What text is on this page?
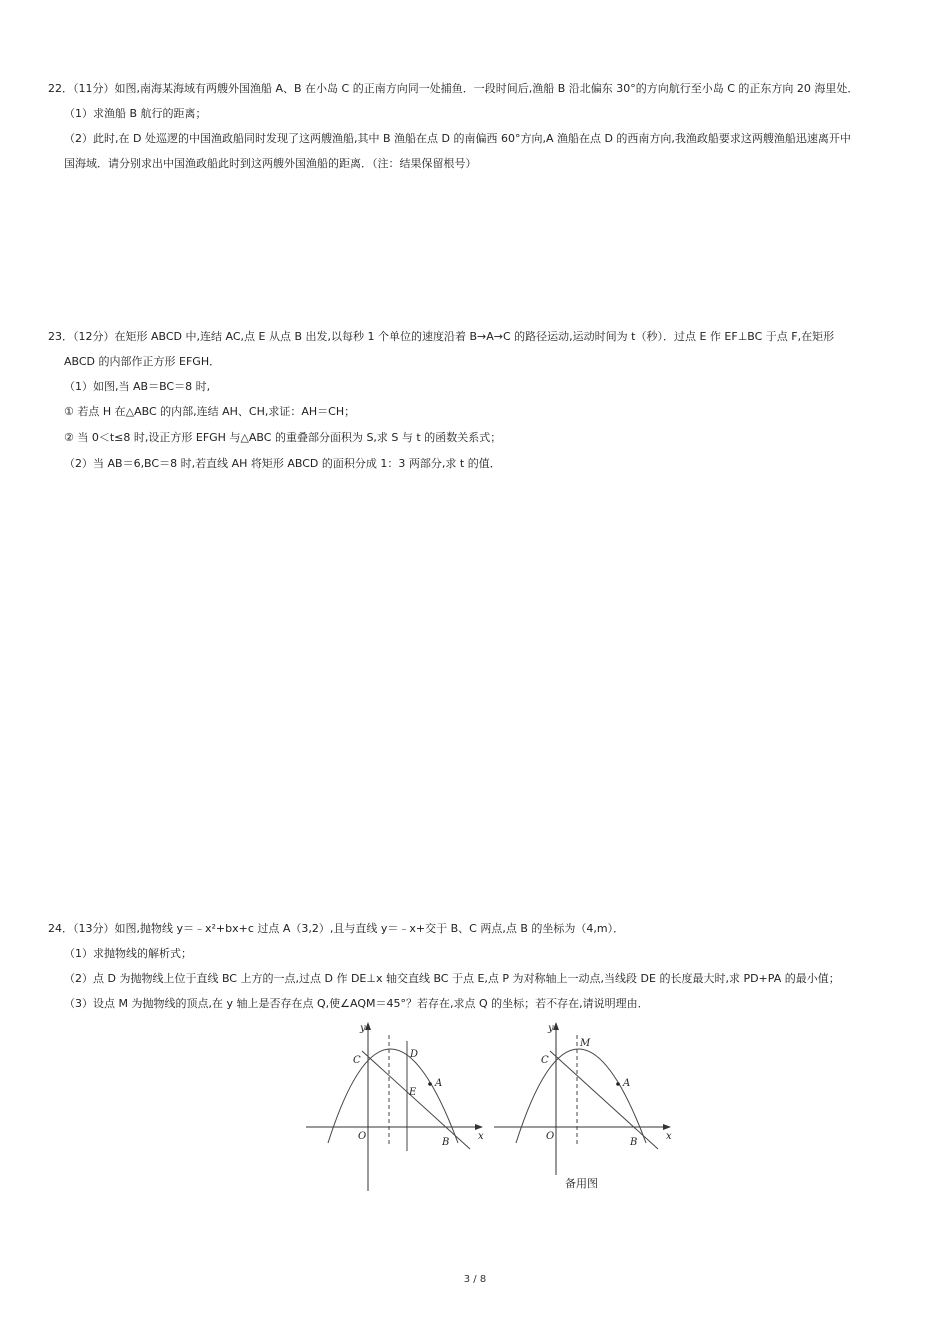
22．（11分）如图,南海某海域有两艘外国渔船 A、B 在小岛 C 的正南方向同一处捕鱼．一段时间后,渔船 B 沿北偏东 30°的方向航行至小岛 C 的正东方向 20 海里处．
（1）求渔船 B 航行的距离；
（2）此时,在 D 处巡逻的中国渔政船同时发现了这两艘渔船,其中 B 渔船在点 D 的南偏西 60°方向,A 渔船在点 D 的西南方向,我渔政船要求这两艘渔船迅速离开中
国海域．请分别求出中国渔政船此时到这两艘外国渔船的距离．（注：结果保留根号）
23．（12分）在矩形 ABCD 中,连结 AC,点 E 从点 B 出发,以每秒 1 个单位的速度沿着 B→A→C 的路径运动,运动时间为 t（秒）．过点 E 作 EF⊥BC 于点 F,在矩形
ABCD 的内部作正方形 EFGH．
（1）如图,当 AB＝BC＝8 时,
① 若点 H 在△ABC 的内部,连结 AH、CH,求证：AH＝CH；
② 当 0＜t≤8 时,设正方形 EFGH 与△ABC 的重叠部分面积为 S,求 S 与 t 的函数关系式；
（2）当 AB＝6,BC＝8 时,若直线 AH 将矩形 ABCD 的面积分成 1：3 两部分,求 t 的值．
24．（13分）如图,抛物线 y＝﹣x²+bx+c 过点 A（3,2）,且与直线 y＝﹣x+交于 B、C 两点,点 B 的坐标为（4,m）．
（1）求抛物线的解析式；
（2）点 D 为抛物线上位于直线 BC 上方的一点,过点 D 作 DE⊥x 轴交直线 BC 于点 E,点 P 为对称轴上一动点,当线段 DE 的长度最大时,求 PD+PA 的最小值；
（3）设点 M 为抛物线的顶点,在 y 轴上是否存在点 Q,使∠AQM＝45°？若存在,求点 Q 的坐标；若不存在,请说明理由．
y
x
O
C
D
E
A
B
y
x
O
C
M
A
B
备用图
3 / 8
